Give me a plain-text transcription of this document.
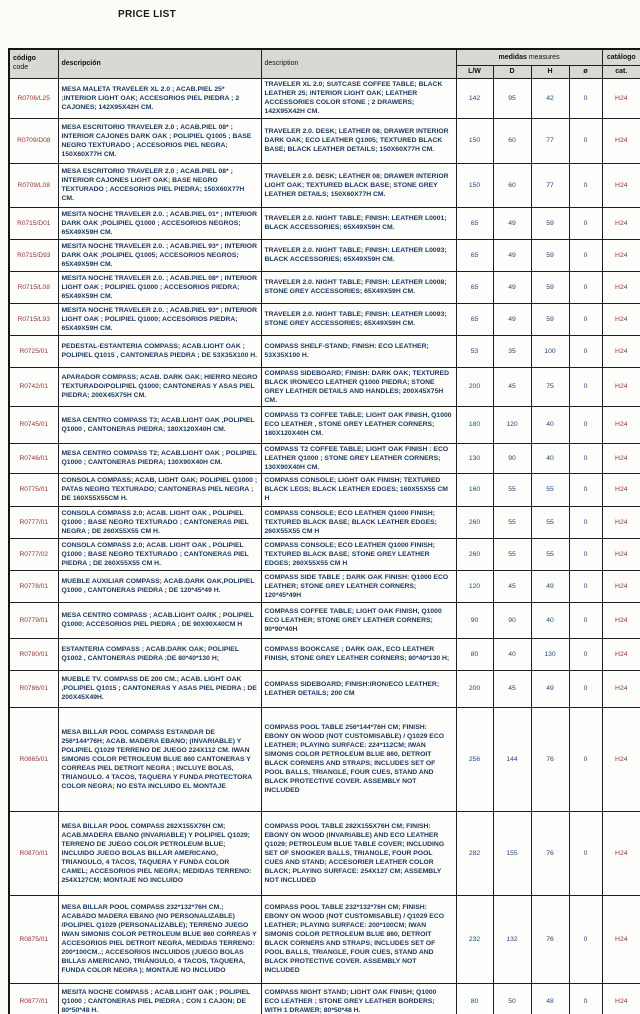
PRICE LIST
código
code	descripción	description	medidas measures				catálogo
			L/W	D	H	ø	cat.
R0706/L25	MESA MALETA TRAVELER XL 2.0 ; ACAB.PIEL 25* ;INTERIOR LIGHT OAK; ACCESORIOS PIEL PIEDRA ; 2 CAJONES; 142X95X42H CM.	TRAVELER XL 2.0; SUITCASE COFFEE TABLE; BLACK LEATHER 25; INTERIOR LIGHT OAK; LEATHER ACCESSORIES COLOR STONE ; 2 DRAWERS; 142X95X42H CM.	142	95	42	0	H24
R0709/D08	MESA ESCRITORIO TRAVELER 2.0 ; ACAB.PIEL 08* ; INTERIOR CAJONES DARK OAK ; POLIPIEL Q1005 ; BASE NEGRO TEXTURADO ; ACCESORIOS PIEL NEGRA; 150X60X77H CM.	TRAVELER 2.0. DESK; LEATHER 08; DRAWER INTERIOR DARK OAK; ECO LEATHER Q1005; TEXTURED BLACK BASE; BLACK LEATHER DETAILS; 150X60X77H CM.	150	60	77	0	H24
R0709/L08	MESA ESCRITORIO TRAVELER 2.0 ; ACAB.PIEL 08* ; INTERIOR CAJONES LIGHT OAK; BASE NEGRO TEXTURADO ; ACCESORIOS PIEL PIEDRA; 150X60X77H CM.	TRAVELER 2.0. DESK; LEATHER 08; DRAWER INTERIOR LIGHT OAK; TEXTURED BLACK BASE; STONE GREY LEATHER DETAILS; 150X60X77H CM.	150	60	77	0	H24
R0715/D01	MESITA NOCHE TRAVELER 2.0. ; ACAB.PIEL 01* ; INTERIOR DARK OAK ;POLIPIEL Q1000 ; ACCESORIOS NEGROS; 65X49X59H CM.	TRAVELER 2.0. NIGHT TABLE; FINISH: LEATHER L0001; BLACK ACCESSORIES; 65X49X59H CM.	65	49	59	0	H24
R0715/D93	MESITA NOCHE TRAVELER 2.0. ; ACAB.PIEL 93* ; INTERIOR DARK OAK ;POLIPIEL Q1005; ACCESORIOS NEGROS; 65X49X59H CM.	TRAVELER 2.0. NIGHT TABLE; FINISH: LEATHER L0093; BLACK ACCESSORIES; 65X49X59H CM.	65	49	59	0	H24
R0715/L08	MESITA NOCHE TRAVELER 2.0. ; ACAB.PIEL 08* ; INTERIOR LIGHT OAK ; POLIPIEL Q1000 ; ACCESORIOS PIEDRA; 65X49X59H CM.	TRAVELER 2.0. NIGHT TABLE; FINISH: LEATHER L0008; STONE GREY ACCESSORIES; 65X49X59H CM.	65	49	59	0	H24
R0715/L93	MESITA NOCHE TRAVELER 2.0. ; ACAB.PIEL 93* ; INTERIOR LIGHT OAK ; POLIPIEL Q1000; ACCESORIOS PIEDRA; 65X49X59H CM.	TRAVELER 2.0. NIGHT TABLE; FINISH: LEATHER L0093; STONE GREY ACCESSORIES; 65X49X59H CM.	65	49	59	0	H24
R0725/01	PEDESTAL-ESTANTERIA COMPASS; ACAB.LIGHT OAK ; POLIPIEL Q1015 , CANTONERAS PIEDRA ; DE 53X35X100 H.	COMPASS SHELF-STAND; FINISH: ECO LEATHER; 53X35X100 H.	53	35	100	0	H24
R0742/01	APARADOR COMPASS; ACAB. DARK OAK; HIERRO NEGRO TEXTURADO/POLIPIEL Q1000; CANTONERAS Y ASAS PIEL PIEDRA; 200X45X75H CM.	COMPASS SIDEBOARD; FINISH: DARK OAK; TEXTURED BLACK IRON/ECO LEATHER Q1000 PIEDRA; STONE GREY LEATHER DETAILS AND HANDLES; 200X45X75H CM.	200	45	75	0	H24
R0745/01	MESA CENTRO COMPASS T3; ACAB.LIGHT OAK ,POLIPIEL Q1000 , CANTONERAS PIEDRA; 180X120X40H CM.	COMPASS T3 COFFEE TABLE; LIGHT OAK FINISH, Q1000 ECO LEATHER , STONE GREY LEATHER CORNERS; 180X120X40H CM.	180	120	40	0	H24
R0746/01	MESA CENTRO COMPASS T2; ACAB.LIGHT OAK ; POLIPIEL Q1000 ; CANTONERAS PIEDRA; 130X90X40H CM.	COMPASS T2 COFFEE TABLE; LIGHT OAK FINISH : ECO LEATHER Q1000 ; STONE GREY LEATHER CORNERS; 130X90X40H CM.	130	90	40	0	H24
R0775/01	CONSOLA COMPASS; ACAB, LIGHT OAK; POLIPIEL Q1000 ; PATAS NEGRO TEXTURADO; CANTONERAS PIEL NEGRA ; DE 160X55X55CM H.	COMPASS CONSOLE; LIGHT OAK FINISH; TEXTURED BLACK LEGS; BLACK LEATHER EDGES; 160X55X55 CM H	160	55	55	0	H24
R0777/01	CONSOLA COMPASS 2.0; ACAB. LIGHT OAK , POLIPIEL Q1000 ; BASE NEGRO TEXTURADO ; CANTONERAS PIEL NEGRA ; DE 260X55X55 CM H.	COMPASS CONSOLE; ECO LEATHER Q1000 FINISH; TEXTURED BLACK BASE; BLACK LEATHER EDGES; 260X55X55 CM H	260	55	55	0	H24
R0777/02	CONSOLA COMPASS 2.0; ACAB. LIGHT OAK , POLIPIEL Q1000 ; BASE NEGRO TEXTURADO ; CANTONERAS PIEL PIEDRA ; DE 260X55X55 CM H.	COMPASS CONSOLE; ECO LEATHER Q1000 FINISH; TEXTURED BLACK BASE; STONE GREY LEATHER EDGES; 260X55X55 CM H	260	55	55	0	H24
R0778/01	MUEBLE AUXILIAR COMPASS; ACAB.DARK OAK,POLIPIEL Q1000 , CANTONERAS PIEDRA ; DE 120*45*49 H.	COMPASS SIDE TABLE ; DARK OAK FINISH: Q1000 ECO LEATHER; STONE GREY LEATHER CORNERS; 120*45*49H	120	45	49	0	H24
R0779/01	MESA CENTRO COMPASS ; ACAB.LIGHT OARK ; POLIPIEL Q1000; ACCESORIOS PIEL PIEDRA ; DE 90X90X40CM H	COMPASS COFFEE TABLE; LIGHT OAK FINISH, Q1000 ECO LEATHER; STONE GREY LEATHER CORNERS; 90*90*40H	90	90	40	0	H24
R0780/01	ESTANTERIA COMPASS ; ACAB.DARK OAK; POLIPIEL Q1002 , CANTONERAS PIEDRA ;DE 80*40*130 H;	COMPASS BOOKCASE ; DARK OAK, ECO LEATHER FINISH, STONE GREY LEATHER CORNERS; 80*40*130 H;	80	40	130	0	H24
R0786/01	MUEBLE TV. COMPASS DE 200 CM.; ACAB. LIGHT OAK ,POLIPIEL Q1015 ; CANTONERAS Y ASAS PIEL PIEDRA ; DE 200X45X49H.	COMPASS SIDEBOARD; FINISH:IRON/ECO LEATHER; LEATHER DETAILS; 200 CM	200	45	49	0	H24
R0865/01	MESA BILLAR POOL COMPASS ESTANDAR DE 256*144*76H; ACAB. MADERA EBANO; (INVARIABLE) Y POLIPIEL Q1029 TERRENO DE JUEGO 224X112 CM. IWAN SIMONIS COLOR PETROLEUM BLUE 860 CANTONERAS Y CORREAS PIEL DETROIT NEGRA ; INCLUYE BOLAS, TRIANGULO. 4 TACOS, TAQUERA Y FUNDA PROTECTORA COLOR NEGRA; NO ESTA INCLUIDO EL MONTAJE	COMPASS POOL TABLE 256*144*76H CM; FINISH: EBONY ON WOOD (NOT CUSTOMISABLE) / Q1029 ECO LEATHER; PLAYING SURFACE: 224*112CM; IWAN SIMONIS COLOR PETROLEUM BLUE 860, DETROIT BLACK CORNERS AND STRAPS; INCLUDES SET OF POOL BALLS, TRIANGLE, FOUR CUES, STAND AND BLACK PROTECTIVE COVER. ASSEMBLY NOT INCLUDED	256	144	76	0	H24
R0870/01	MESA BILLAR POOL COMPASS 282X155X76H CM; ACAB.MADERA EBANO (INVARIABLE) Y POLIPIEL Q1029; TERRENO DE JUEGO COLOR PETROLEUM BLUE; INCLUIDO JUEGO BOLAS BILLAR AMERICANO, TRIANGULO, 4 TACOS, TAQUERA Y FUNDA COLOR CAMEL; ACCESORIOS PIEL NEGRA; MEDIDAS TERRENO: 254X127CM; MONTAJE NO INCLUIDO	COMPASS POOL TABLE 282X155X76H CM; FINISH: EBONY ON WOOD (INVARIABLE) AND ECO LEATHER Q1029; PETROLEUM BLUE TABLE COVER; INCLUDING SET OF SNOOKER BALLS, TRIANGLE, FOUR POOL CUES AND STAND; ACCESORIER LEATHER COLOR BLACK; PLAYING SURFACE: 254X127 CM; ASSEMBLY NOT INCLUDED	282	155	76	0	H24
R0875/01	MESA BILLAR POOL COMPASS 232*132*76H CM.; ACABADO MADERA EBANO (NO PERSONALIZABLE) /POLIPIEL Q1029 (PERSONALIZABLE); TERRENO JUEGO IWAN SIMONIS COLOR PETROLEUM BLUE 860 CORREAS Y ACCESORIOS PIEL DETROIT NEGRA, MEDIDAS TERRENO: 200*100CM..; ACCESORIOS INCLUIDOS (JUEGO BOLAS BILLAS AMERICANO, TRIÁNGULO, 4 TACOS, TAQUERA, FUNDA COLOR NEGRA ); MONTAJE NO INCLUIDO	COMPASS POOL TABLE 232*132*76H CM; FINISH: EBONY ON WOOD (NOT CUSTOMISABLE) / Q1029 ECO LEATHER; PLAYING SURFACE: 200*100CM; IWAN SIMONIS COLOR PETROLEUM BLUE 860, DETROIT BLACK CORNERS AND STRAPS; INCLUDES SET OF POOL BALLS, TRIANGLE, FOUR CUES, STAND AND BLACK PROTECTIVE COVER. ASSEMBLY NOT INCLUDED	232	132	76	0	H24
R0877/01	MESITA NOCHE COMPASS ; ACAB.LIGHT OAK ; POLIPIEL Q1000 ; CANTONERAS PIEL PIEDRA ; CON 1 CAJON; DE 80*50*48 H.	COMPASS NIGHT STAND; LIGHT OAK FINISH; Q1000 ECO LEATHER ; STONE GREY LEATHER BORDERS; WITH 1 DRAWER; 80*50*48 H.	80	50	48	0	H24
